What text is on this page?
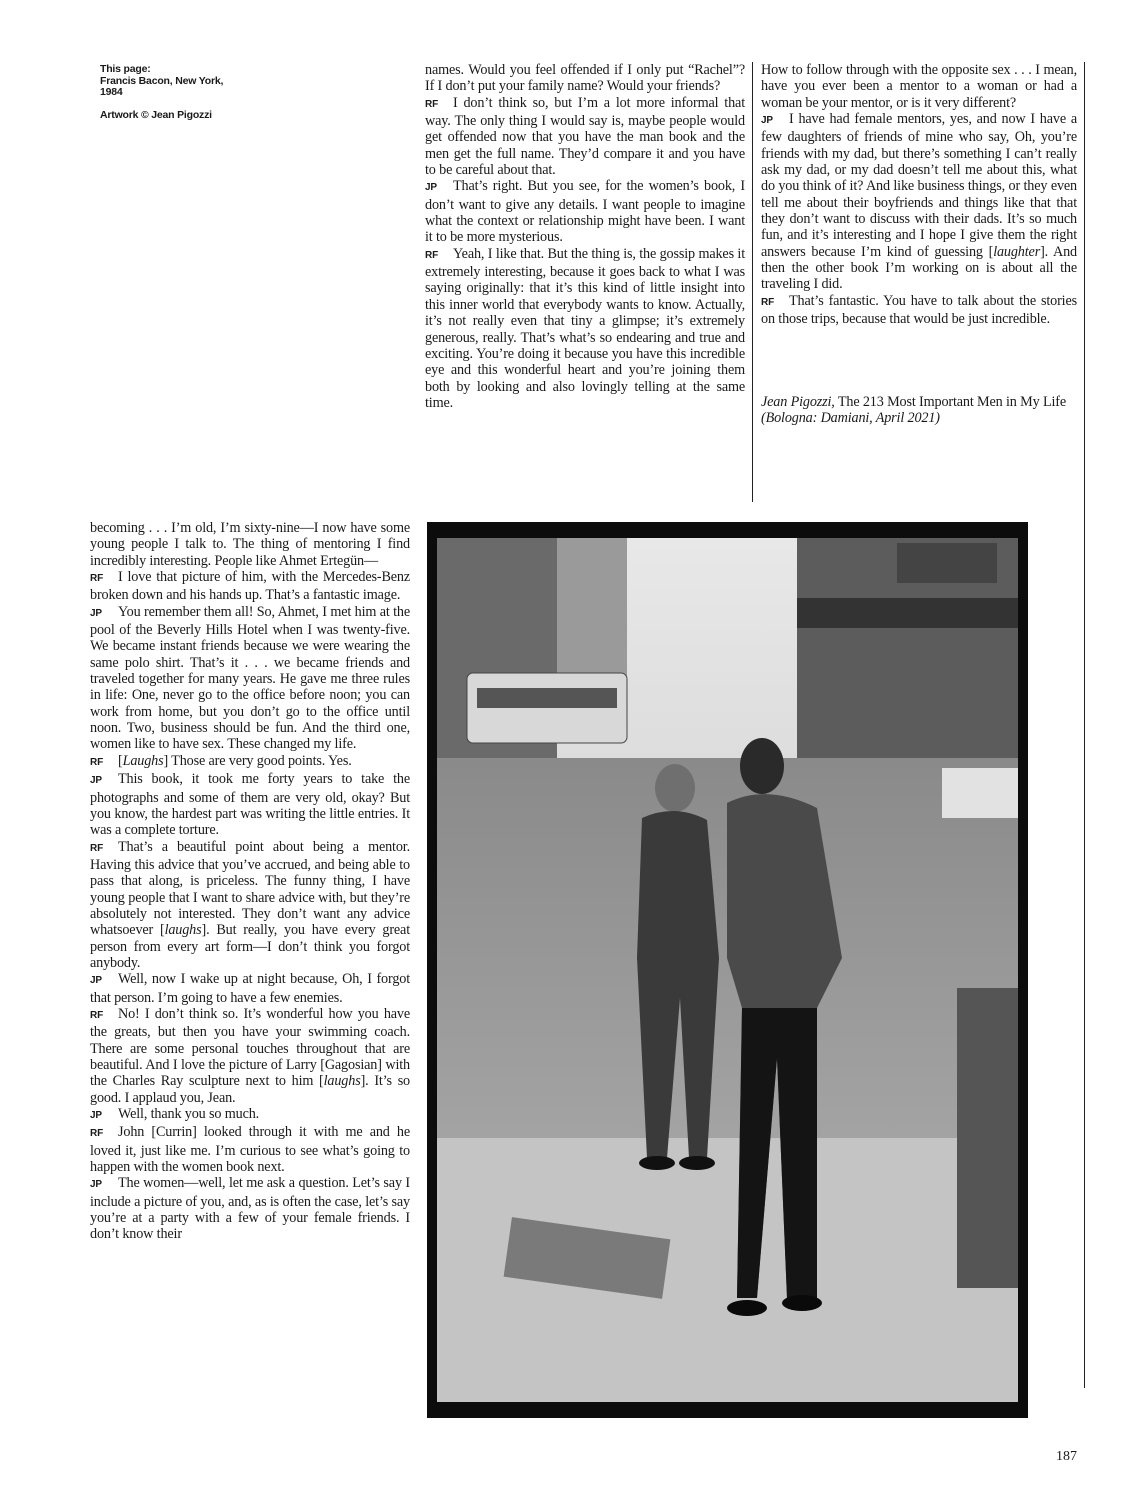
This page:
Francis Bacon, New York,
1984

Artwork © Jean Pigozzi

names. Would you feel offended if I only put “Rachel”? If I don’t put your family name? Would your friends?

RF I don’t think so, but I’m a lot more informal that way. The only thing I would say is, maybe people would get offended now that you have the man book and the men get the full name. They’d compare it and you have to be careful about that.

JP That’s right. But you see, for the women’s book, I don’t want to give any details. I want people to imagine what the context or relationship might have been. I want it to be more mysterious.

RF Yeah, I like that. But the thing is, the gossip makes it extremely interesting, because it goes back to what I was saying originally: that it’s this kind of little insight into this inner world that everybody wants to know. Actually, it’s not really even that tiny a glimpse; it’s extremely generous, really. That’s what’s so endearing and true and exciting. You’re doing it because you have this incredible eye and this wonderful heart and you’re joining them both by looking and also lovingly telling at the same time.

How to follow through with the opposite sex . . . I mean, have you ever been a mentor to a woman or had a woman be your mentor, or is it very different?

JP I have had female mentors, yes, and now I have a few daughters of friends of mine who say, Oh, you’re friends with my dad, but there’s something I can’t really ask my dad, or my dad doesn’t tell me about this, what do you think of it? And like business things, or they even tell me about their boyfriends and things like that that they don’t want to discuss with their dads. It’s so much fun, and it’s interesting and I hope I give them the right answers because I’m kind of guessing [laughter]. And then the other book I’m working on is about all the traveling I did.

RF That’s fantastic. You have to talk about the stories on those trips, because that would be just incredible.

Jean Pigozzi, The 213 Most Important Men in My Life (Bologna: Damiani, April 2021)

becoming . . . I’m old, I’m sixty-nine—I now have some young people I talk to. The thing of mentoring I find incredibly interesting. People like Ahmet Ertegün—

RF I love that picture of him, with the Mercedes-Benz broken down and his hands up. That’s a fantastic image.

JP You remember them all! So, Ahmet, I met him at the pool of the Beverly Hills Hotel when I was twenty-five. We became instant friends because we were wearing the same polo shirt. That’s it . . . we became friends and traveled together for many years. He gave me three rules in life: One, never go to the office before noon; you can work from home, but you don’t go to the office until noon. Two, business should be fun. And the third one, women like to have sex. These changed my life.

RF [Laughs] Those are very good points. Yes.

JP This book, it took me forty years to take the photographs and some of them are very old, okay? But you know, the hardest part was writing the little entries. It was a complete torture.

RF That’s a beautiful point about being a mentor. Having this advice that you’ve accrued, and being able to pass that along, is priceless. The funny thing, I have young people that I want to share advice with, but they’re absolutely not interested. They don’t want any advice whatsoever [laughs]. But really, you have every great person from every art form—I don’t think you forgot anybody.

JP Well, now I wake up at night because, Oh, I forgot that person. I’m going to have a few enemies.

RF No! I don’t think so. It’s wonderful how you have the greats, but then you have your swimming coach. There are some personal touches throughout that are beautiful. And I love the picture of Larry [Gagosian] with the Charles Ray sculpture next to him [laughs]. It’s so good. I applaud you, Jean.

JP Well, thank you so much.

RF John [Currin] looked through it with me and he loved it, just like me. I’m curious to see what’s going to happen with the women book next.

JP The women—well, let me ask a question. Let’s say I include a picture of you, and, as is often the case, let’s say you’re at a party with a few of your female friends. I don’t know their

187
